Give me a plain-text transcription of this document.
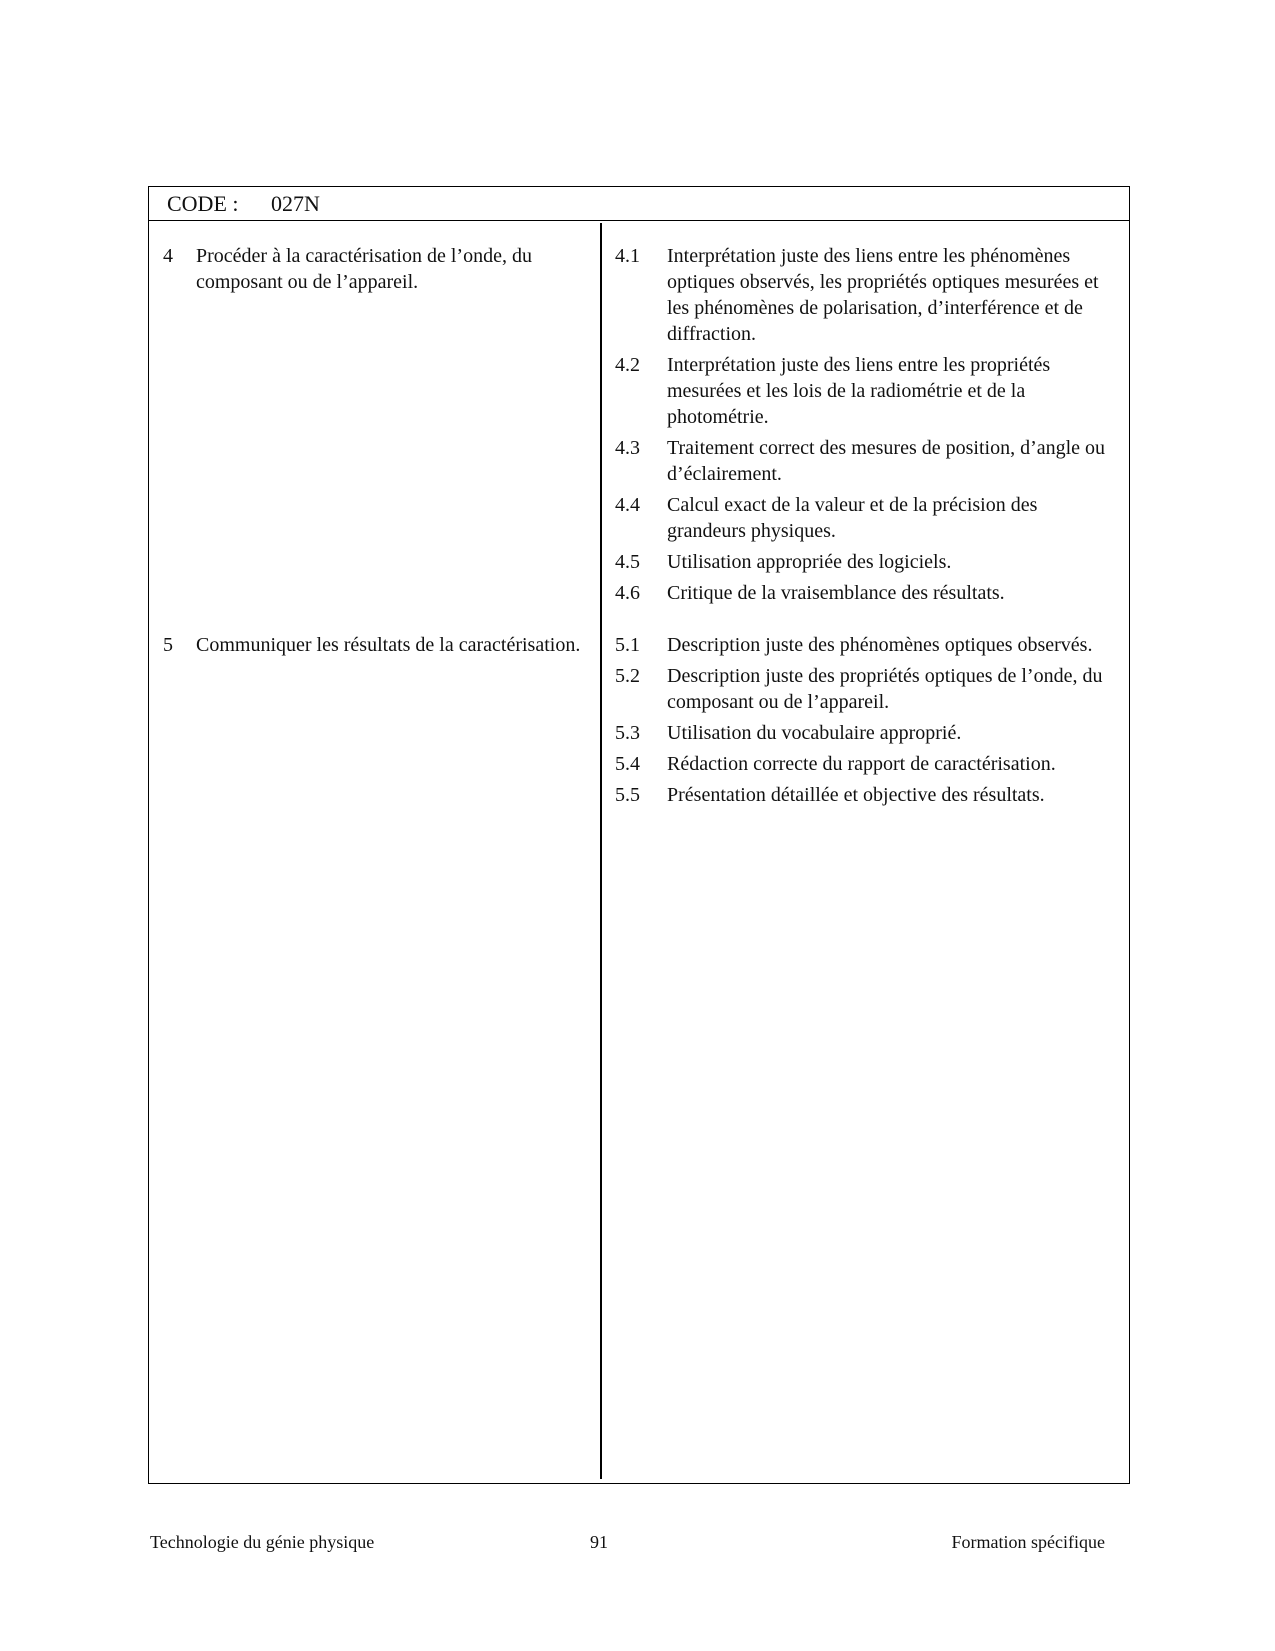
CODE : 027N
4 Procéder à la caractérisation de l’onde, du composant ou de l’appareil.
4.1 Interprétation juste des liens entre les phénomènes optiques observés, les propriétés optiques mesurées et les phénomènes de polarisation, d’interférence et de diffraction.
4.2 Interprétation juste des liens entre les propriétés mesurées et les lois de la radiométrie et de la photométrie.
4.3 Traitement correct des mesures de position, d’angle ou d’éclairement.
4.4 Calcul exact de la valeur et de la précision des grandeurs physiques.
4.5 Utilisation appropriée des logiciels.
4.6 Critique de la vraisemblance des résultats.
5 Communiquer les résultats de la caractérisation. 5.1 Description juste des phénomènes optiques observés.
5.2 Description juste des propriétés optiques de l’onde, du composant ou de l’appareil.
5.3 Utilisation du vocabulaire approprié.
5.4 Rédaction correcte du rapport de caractérisation.
5.5 Présentation détaillée et objective des résultats.
Technologie du génie physique	91	Formation spécifique
